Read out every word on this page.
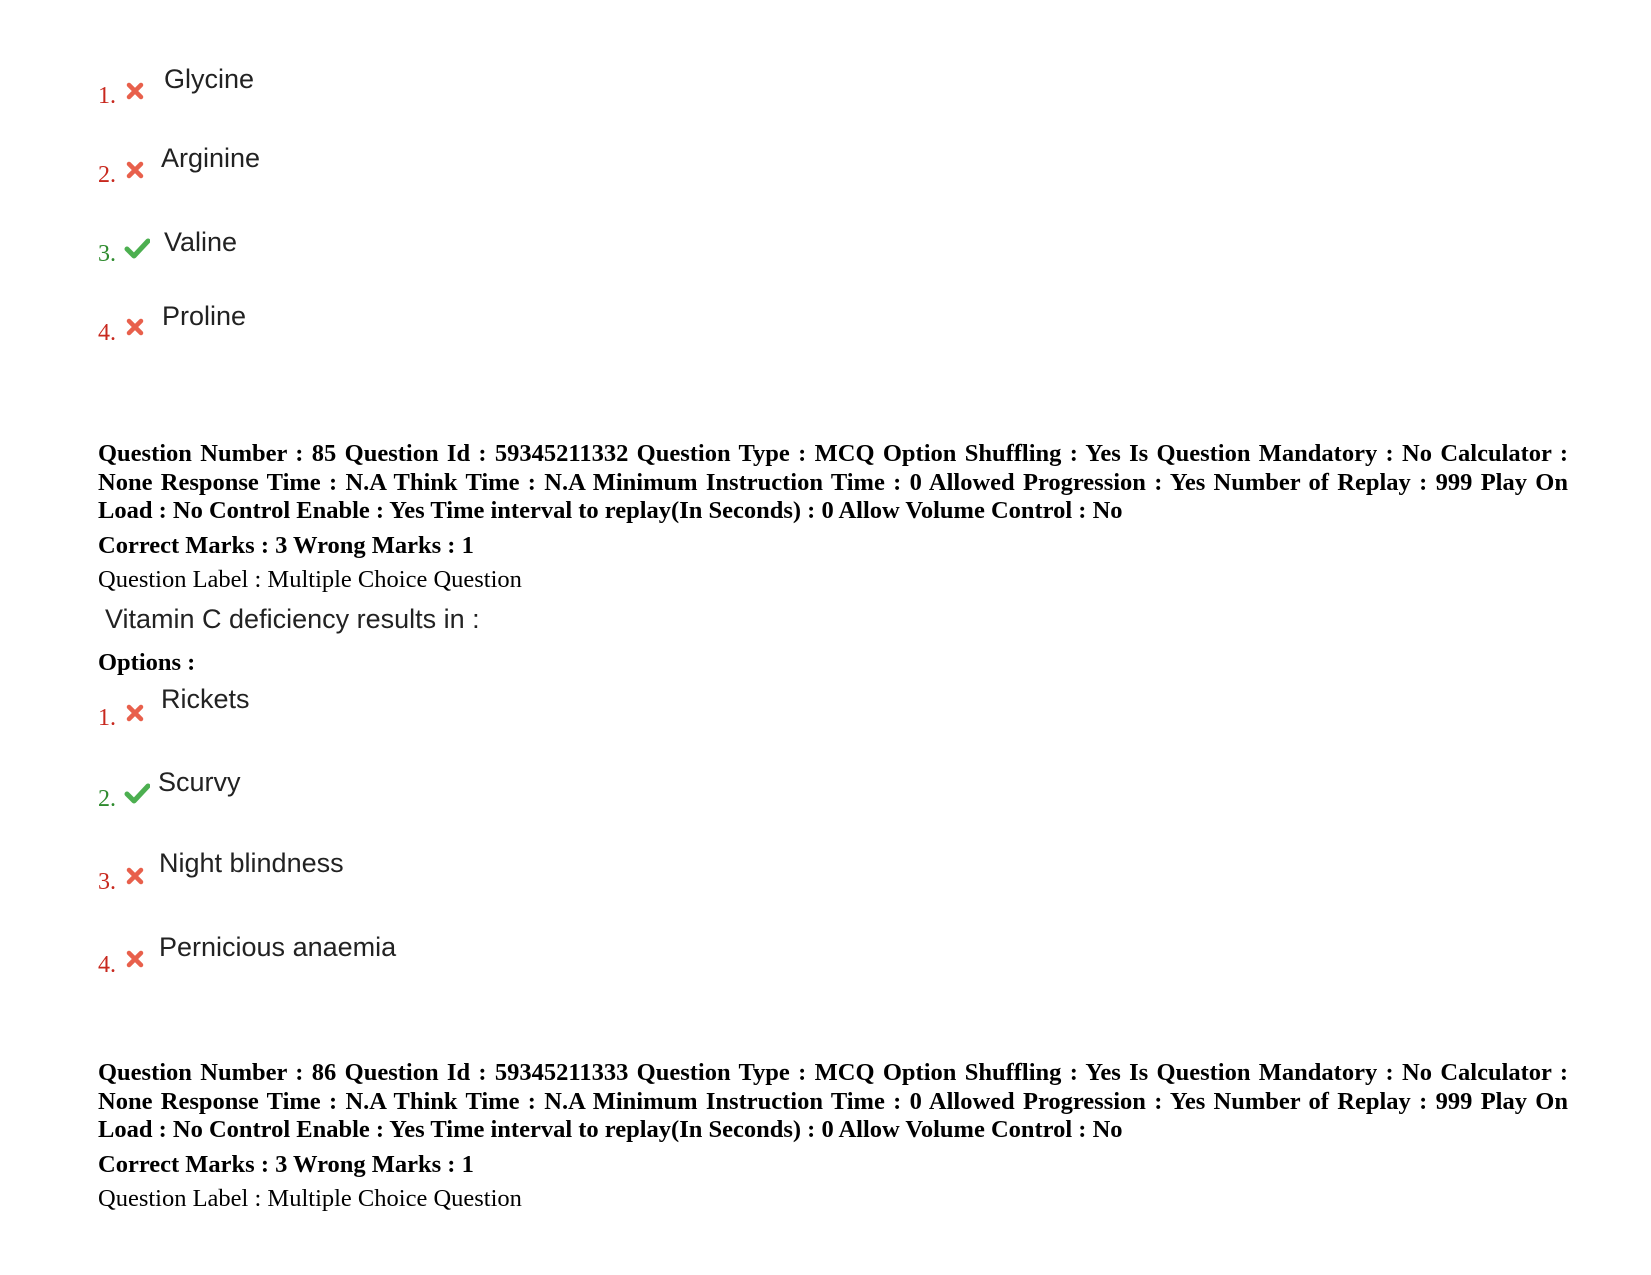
1.
Glycine
2.
Arginine
3. Valine
4.
Proline
Question Number : 85 Question Id : 59345211332 Question Type : MCQ Option Shuffling : Yes Is Question Mandatory : No Calculator : None Response Time : N.A Think Time : N.A Minimum Instruction Time : 0 Allowed Progression : Yes Number of Replay : 999 Play On Load : No Control Enable : Yes Time interval to replay(In Seconds) : 0 Allow Volume Control : No
Correct Marks : 3 Wrong Marks : 1
Question Label : Multiple Choice Question
Vitamin C deficiency results in :
Options :
1.
Rickets
2.
Scurvy
3.
Night blindness
4.
Pernicious anaemia
Question Number : 86 Question Id : 59345211333 Question Type : MCQ Option Shuffling : Yes Is Question Mandatory : No Calculator : None Response Time : N.A Think Time : N.A Minimum Instruction Time : 0 Allowed Progression : Yes Number of Replay : 999 Play On Load : No Control Enable : Yes Time interval to replay(In Seconds) : 0 Allow Volume Control : No
Correct Marks : 3 Wrong Marks : 1
Question Label : Multiple Choice Question
